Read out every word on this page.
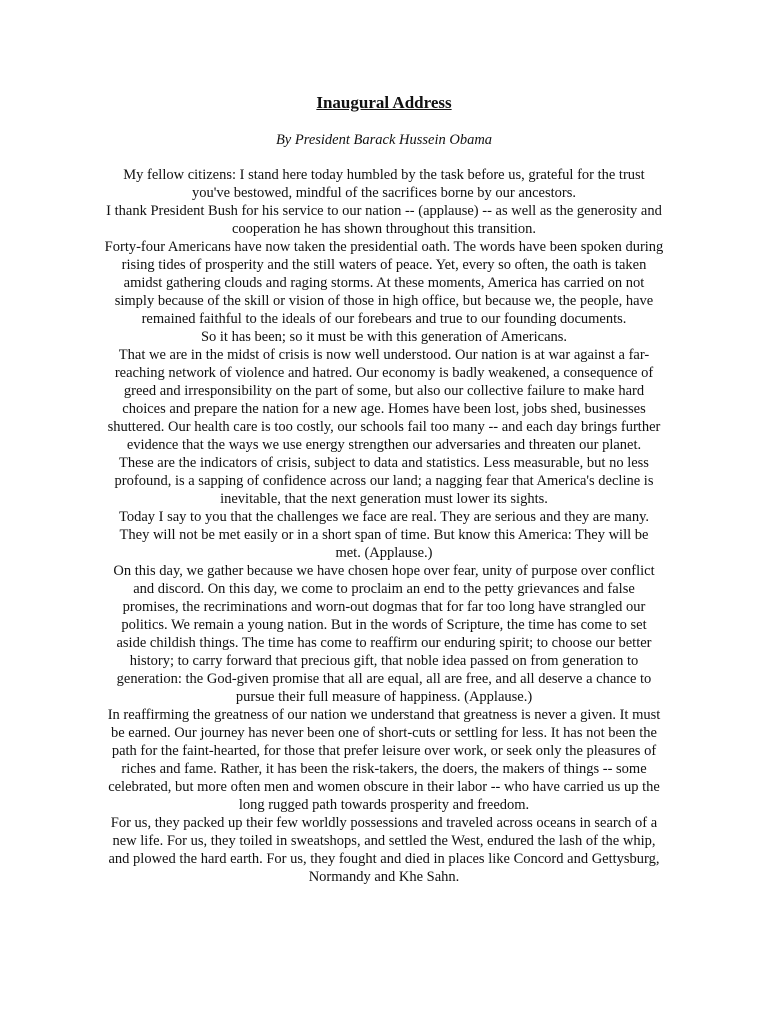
Inaugural Address
By President Barack Hussein Obama
My fellow citizens: I stand here today humbled by the task before us, grateful for the trust
you've bestowed, mindful of the sacrifices borne by our ancestors.
I thank President Bush for his service to our nation -- (applause) -- as well as the generosity and
cooperation he has shown throughout this transition.
Forty-four Americans have now taken the presidential oath. The words have been spoken during
rising tides of prosperity and the still waters of peace. Yet, every so often, the oath is taken
amidst gathering clouds and raging storms. At these moments, America has carried on not
simply because of the skill or vision of those in high office, but because we, the people, have
remained faithful to the ideals of our forebears and true to our founding documents.
So it has been; so it must be with this generation of Americans.
That we are in the midst of crisis is now well understood. Our nation is at war against a far-
reaching network of violence and hatred. Our economy is badly weakened, a consequence of
greed and irresponsibility on the part of some, but also our collective failure to make hard
choices and prepare the nation for a new age. Homes have been lost, jobs shed, businesses
shuttered. Our health care is too costly, our schools fail too many -- and each day brings further
evidence that the ways we use energy strengthen our adversaries and threaten our planet.
These are the indicators of crisis, subject to data and statistics. Less measurable, but no less
profound, is a sapping of confidence across our land; a nagging fear that America's decline is
inevitable, that the next generation must lower its sights.
Today I say to you that the challenges we face are real. They are serious and they are many.
They will not be met easily or in a short span of time. But know this America: They will be
met. (Applause.)
On this day, we gather because we have chosen hope over fear, unity of purpose over conflict
and discord. On this day, we come to proclaim an end to the petty grievances and false
promises, the recriminations and worn-out dogmas that for far too long have strangled our
politics. We remain a young nation. But in the words of Scripture, the time has come to set
aside childish things. The time has come to reaffirm our enduring spirit; to choose our better
history; to carry forward that precious gift, that noble idea passed on from generation to
generation: the God-given promise that all are equal, all are free, and all deserve a chance to
pursue their full measure of happiness. (Applause.)
In reaffirming the greatness of our nation we understand that greatness is never a given. It must
be earned. Our journey has never been one of short-cuts or settling for less. It has not been the
path for the faint-hearted, for those that prefer leisure over work, or seek only the pleasures of
riches and fame. Rather, it has been the risk-takers, the doers, the makers of things -- some
celebrated, but more often men and women obscure in their labor -- who have carried us up the
long rugged path towards prosperity and freedom.
For us, they packed up their few worldly possessions and traveled across oceans in search of a
new life. For us, they toiled in sweatshops, and settled the West, endured the lash of the whip,
and plowed the hard earth. For us, they fought and died in places like Concord and Gettysburg,
Normandy and Khe Sahn.
